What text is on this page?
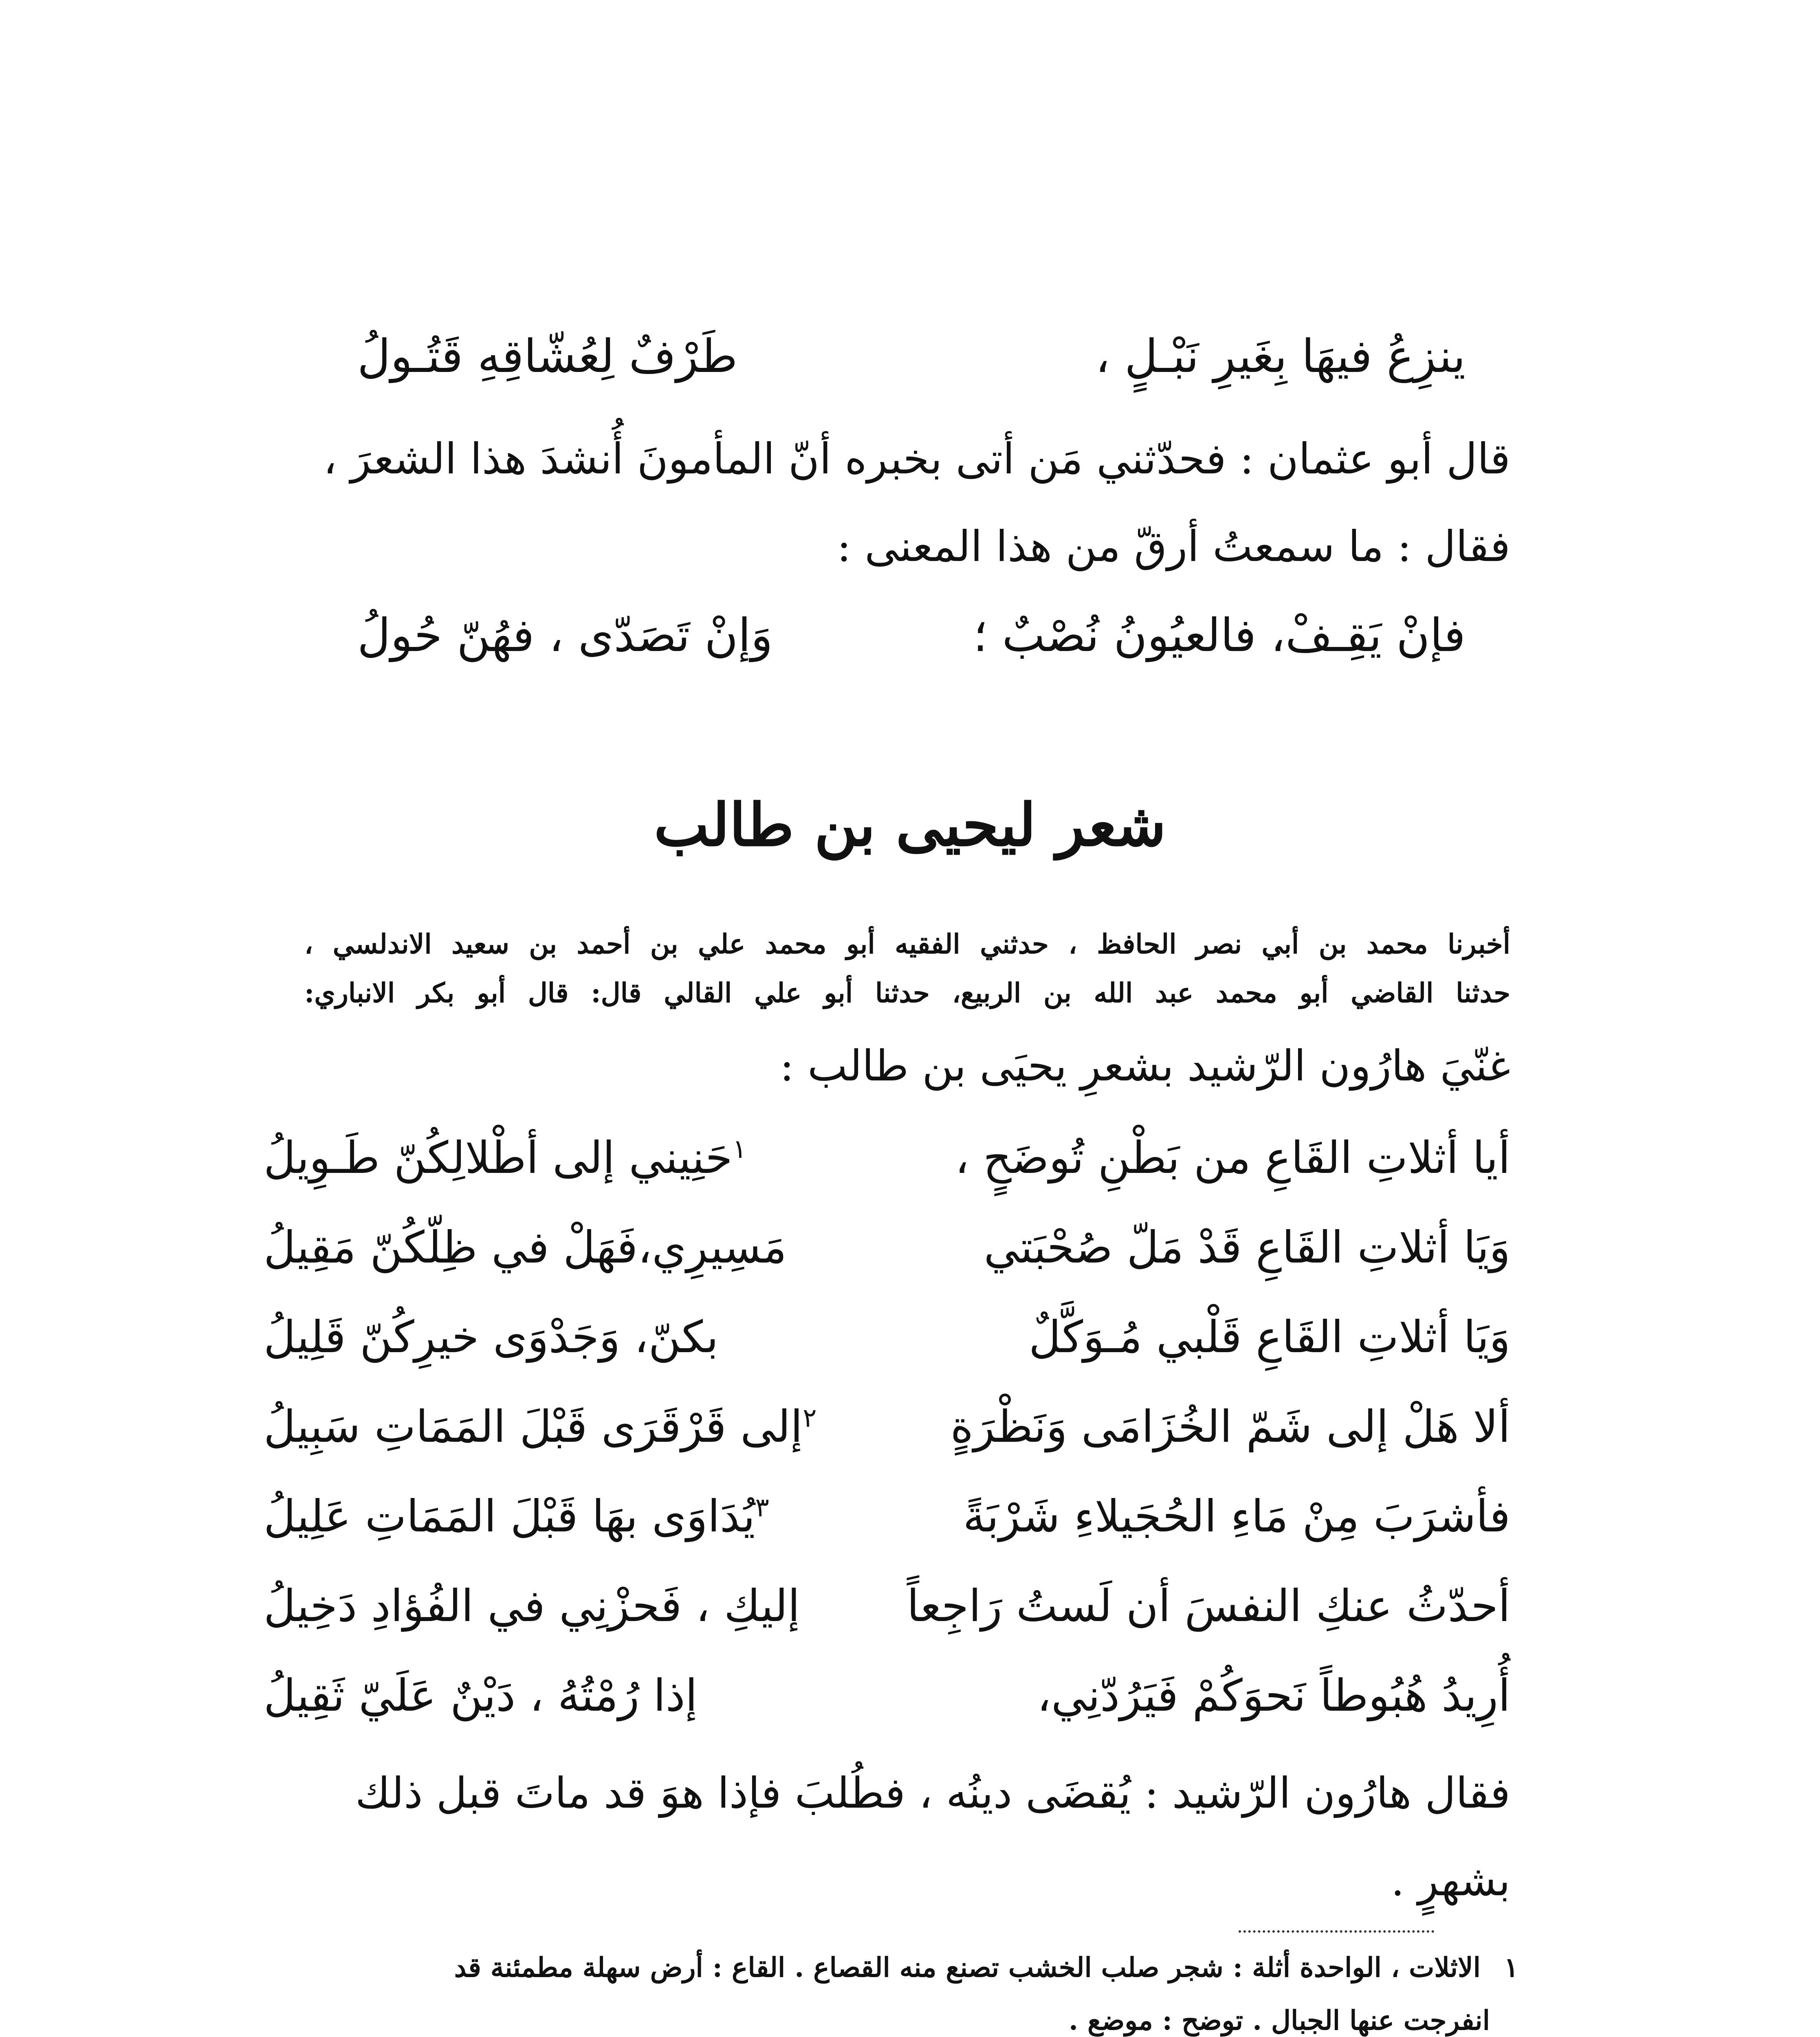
ينزِعُ فيهَا بِغَيرِ نَبْـلٍ ،
طَرْفٌ لِعُشّاقِهِ قَتُـولُ
قال أبو عثمان : فحدّثني مَن أتى بخبره أنّ المأمونَ أُنشدَ هذا الشعرَ ،
فقال : ما سمعتُ أرقّ من هذا المعنى :
فإنْ يَقِـفْ، فالعيُونُ نُصْبٌ ؛
وَإنْ تَصَدّى ، فهُنّ حُولُ
شعر ليحيى بن طالب
أخبرنا محمد بن أبي نصر الحافظ ، حدثني الفقيه أبو محمد علي بن أحمد بن سعيد الاندلسي ،
حدثنا القاضي أبو محمد عبد الله بن الربيع، حدثنا أبو علي القالي قال: قال أبو بكر الانباري:
غنّيَ هارُون الرّشيد بشعرِ يحيَى بن طالب :
أيا أثلاتِ القَاعِ من بَطْنِ تُوضَحٍ ،
$^١$حَنِيني إلى أطْلالِكُنّ طَـوِيلُ
وَيَا أثلاتِ القَاعِ قَدْ مَلّ صُحْبَتي
مَسِيرِي،فَهَلْ في ظِلّكُنّ مَقِيلُ
وَيَا أثلاتِ القَاعِ قَلْبي مُـوَكَّلٌ
بكنّ، وَجَدْوَى خيرِكُنّ قَلِيلُ
ألا هَلْ إلى شَمّ الخُزَامَى وَنَظْرَةٍ
$^٢$إلى قَرْقَرَى قَبْلَ المَمَاتِ سَبِيلُ
فأشرَبَ مِنْ مَاءِ الحُجَيلاءِ شَرْبَةً
$^٣$يُدَاوَى بهَا قَبْلَ المَمَاتِ عَلِيلُ
أحدّثُ عنكِ النفسَ أن لَستُ رَاجِعاً
إليكِ ، فَحزْنِي في الفُؤادِ دَخِيلُ
أُرِيدُ هُبُوطاً نَحوَكُمْ فَيَرُدّنِي،
إذا رُمْتُهُ ، دَيْنٌ عَلَيّ ثَقِيلُ
فقال هارُون الرّشيد : يُقضَى دينُه ، فطُلبَ فإذا هوَ قد ماتَ قبل ذلك
بشهرٍ .
١ الاثلات ، الواحدة أثلة : شجر صلب الخشب تصنع منه القصاع . القاع : أرض سهلة مطمئنة قد
انفرجت عنها الجبال . توضح : موضع .
